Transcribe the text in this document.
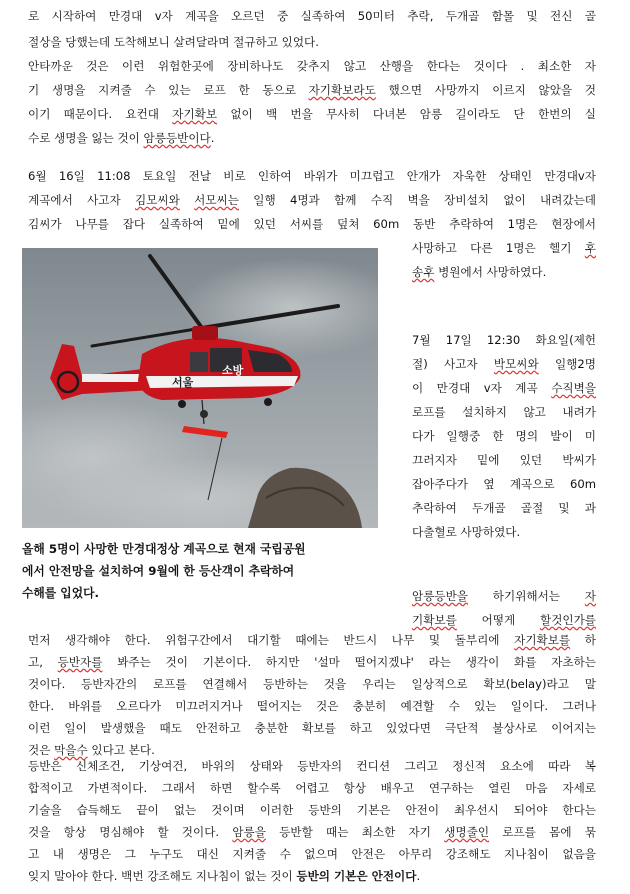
로 시작하여 만경대 v자 계곡을 오르던 중 실족하여 50미터 추락, 두개골 함몰 및 전신 골
절상을 당했는데 도착해보니 살려달라며 절규하고 있었다.
안타까운 것은 이런 위험한곳에 장비하나도 갖추지 않고 산행을 한다는 것이다 . 최소한 자
기 생명을 지켜줄 수 있는 로프 한 동으로 자기확보라도 했으면 사망까지 이르지 않았을 것
이기 때문이다. 요컨대 자기확보 없이 백 번을 무사히 다녀본 암릉 길이라도 단 한번의 실
수로 생명을 잃는 것이 암릉등반이다.
6월 16일 11:08 토요일 전날 비로 인하여 바위가 미끄럽고 안개가 자욱한 상태인 만경대v자
계곡에서 사고자 김모씨와 서모씨는 일행 4명과 함께 수직 벽을 장비설치 없이 내려갔는데
김씨가 나무를 잡다 실족하여 밑에 있던 서씨를 덮쳐 60m 동반 추락하여 1명은 현장에서
사망하고 다른 1명은 헬기 후
송후 병원에서 사망하였다.
서울
소방
7월 17일 12:30 화요일(제헌
절) 사고자 박모씨와 일행2명
이 만경대 v자 계곡 수직벽을
로프를 설치하지 않고 내려가
다가 일행중 한 명의 발이 미
끄러지자 밑에 있던 박씨가
잡아주다가 옆 계곡으로 60m
추락하여 두개골 골절 및 과
다출혈로 사망하였다.
올해 5명이 사망한 만경대정상 계곡으로 현재 국립공원
에서 안전망을 설치하여 9월에 한 등산객이 추락하여
수해를 입었다.	암릉등반을 하기위해서는 자
기확보를 어떻게 할것인가를
먼저 생각해야 한다. 위험구간에서 대기할 때에는 반드시 나무 및 돌부리에 자기확보를 하
고, 등반자를 봐주는 것이 기본이다. 하지만 '설마 떨어지겠냐' 라는 생각이 화를 자초하는
것이다. 등반자간의 로프를 연결해서 등반하는 것을 우리는 일상적으로 확보(belay)라고 말
한다. 바위를 오르다가 미끄러지거나 떨어지는 것은 충분히 예견할 수 있는 일이다. 그러나
이런 일이 발생했을 때도 안전하고 충분한 확보를 하고 있었다면 극단적 불상사로 이어지는
것은 막을수 있다고 본다.
등반은 신체조건, 기상여건, 바위의 상태와 등반자의 컨디션 그리고 정신적 요소에 따라 복
합적이고 가변적이다. 그래서 하면 할수록 어렵고 항상 배우고 연구하는 열린 마음 자세로
기술을 습득해도 끝이 없는 것이며 이러한 등반의 기본은 안전이 최우선시 되어야 한다는
것을 항상 명심해야 할 것이다. 암릉을 등반할 때는 최소한 자기 생명줄인 로프를 몸에 묶
고 내 생명은 그 누구도 대신 지켜줄 수 없으며 안전은 아무리 강조해도 지나침이 없음을
잊지 말아야 한다. 백번 강조해도 지나침이 없는 것이 등반의 기본은 안전이다.
